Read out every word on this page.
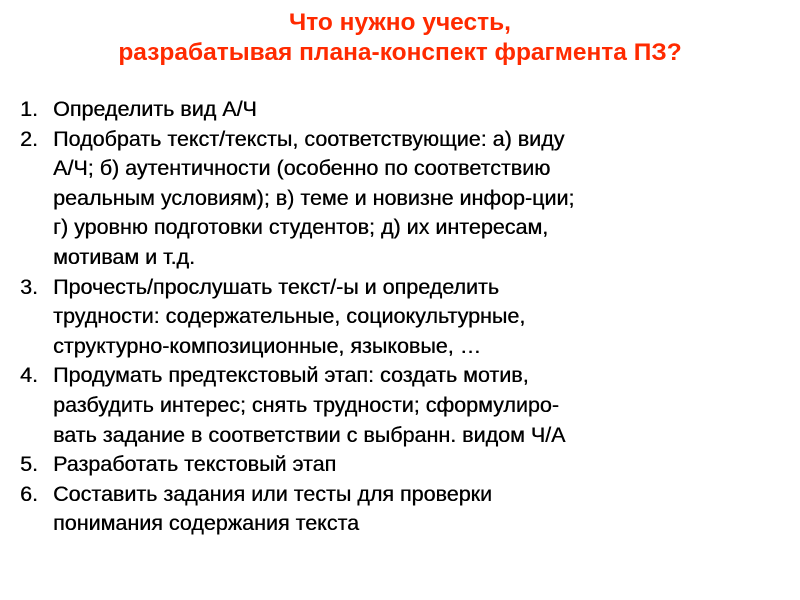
Что нужно учесть,
разрабатывая плана-конспект фрагмента ПЗ?
1. Определить вид А/Ч
2. Подобрать текст/тексты, соответствующие: а) виду
А/Ч; б) аутентичности (особенно по соответствию
реальным условиям); в) теме и новизне инфор-ции;
г) уровню подготовки студентов; д) их интересам,
мотивам и т.д.
3. Прочесть/прослушать текст/-ы и определить
трудности: содержательные, социокультурные,
структурно-композиционные, языковые, …
4. Продумать предтекстовый этап: создать мотив,
разбудить интерес; снять трудности; сформулиро-
вать задание в соответствии с выбранн. видом Ч/А
5. Разработать текстовый этап
6. Составить задания или тесты для проверки
понимания содержания текста
